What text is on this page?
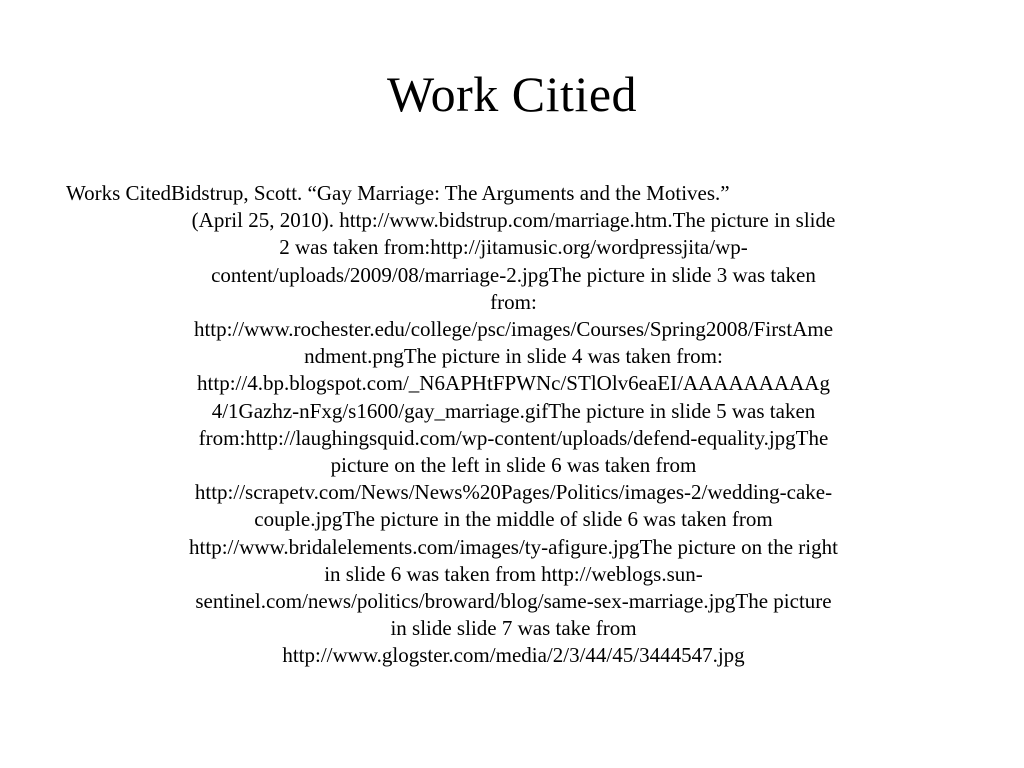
Work Citied

Works CitedBidstrup, Scott. “Gay Marriage: The Arguments and the Motives.”
(April 25, 2010). http://www.bidstrup.com/marriage.htm.The picture in slide
2 was taken from:http://jitamusic.org/wordpressjita/wp-
content/uploads/2009/08/marriage-2.jpgThe picture in slide 3 was taken
from:
http://www.rochester.edu/college/psc/images/Courses/Spring2008/FirstAme
ndment.pngThe picture in slide 4 was taken from:
http://4.bp.blogspot.com/_N6APHtFPWNc/STlOlv6eaEI/AAAAAAAAAg
4/1Gazhz-nFxg/s1600/gay_marriage.gifThe picture in slide 5 was taken
from:http://laughingsquid.com/wp-content/uploads/defend-equality.jpgThe
picture on the left in slide 6 was taken from
http://scrapetv.com/News/News%20Pages/Politics/images-2/wedding-cake-
couple.jpgThe picture in the middle of slide 6 was taken from
http://www.bridalelements.com/images/ty-afigure.jpgThe picture on the right
in slide 6 was taken from http://weblogs.sun-
sentinel.com/news/politics/broward/blog/same-sex-marriage.jpgThe picture
in slide slide 7 was take from
http://www.glogster.com/media/2/3/44/45/3444547.jpg
